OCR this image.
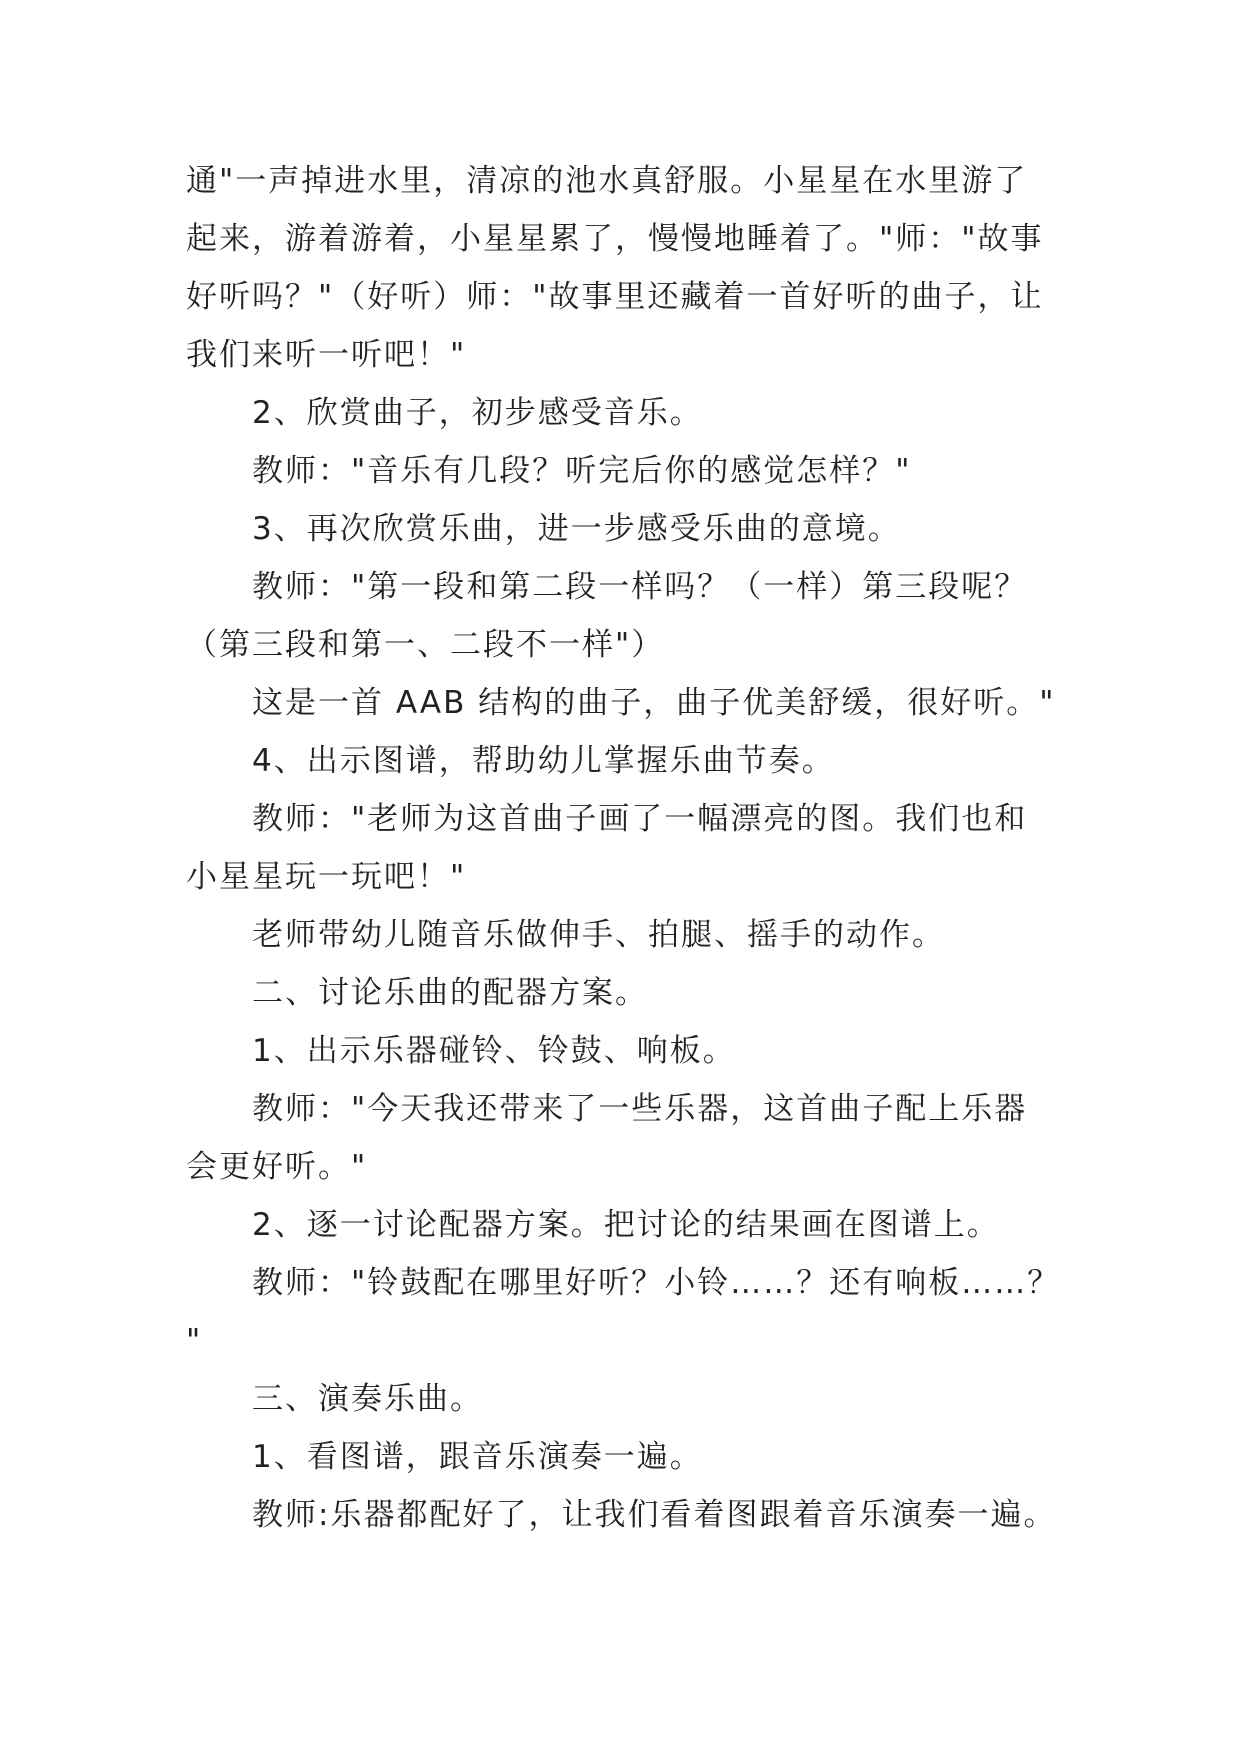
通"一声掉进水里，清凉的池水真舒服。小星星在水里游了
起来，游着游着，小星星累了，慢慢地睡着了。"师："故事
好听吗？"（好听）师："故事里还藏着一首好听的曲子，让
我们来听一听吧！"
2、欣赏曲子，初步感受音乐。
教师："音乐有几段？听完后你的感觉怎样？"
3、再次欣赏乐曲，进一步感受乐曲的意境。
教师："第一段和第二段一样吗？（一样）第三段呢？
（第三段和第一、二段不一样"）
这是一首 AAB 结构的曲子，曲子优美舒缓，很好听。"
4、出示图谱，帮助幼儿掌握乐曲节奏。
教师："老师为这首曲子画了一幅漂亮的图。我们也和
小星星玩一玩吧！"
老师带幼儿随音乐做伸手、拍腿、摇手的动作。
二、讨论乐曲的配器方案。
1、出示乐器碰铃、铃鼓、响板。
教师："今天我还带来了一些乐器，这首曲子配上乐器
会更好听。"
2、逐一讨论配器方案。把讨论的结果画在图谱上。
教师："铃鼓配在哪里好听？小铃……？还有响板……？
"
三、演奏乐曲。
1、看图谱，跟音乐演奏一遍。
教师:乐器都配好了，让我们看着图跟着音乐演奏一遍。
